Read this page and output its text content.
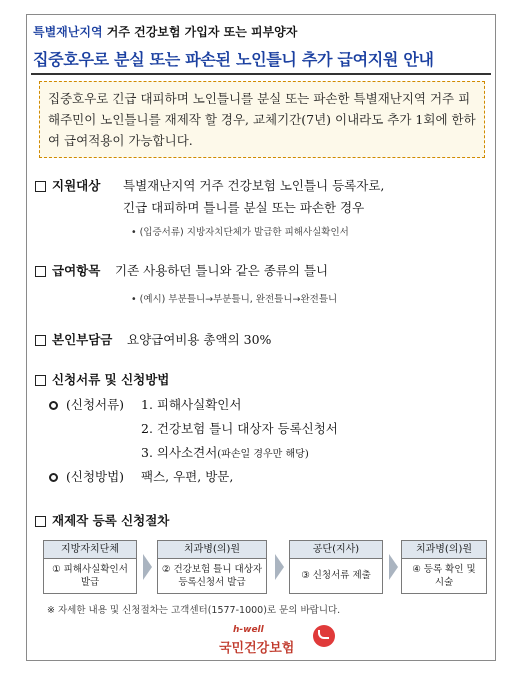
특별재난지역 거주 건강보험 가입자 또는 피부양자
집중호우로 분실 또는 파손된 노인틀니 추가 급여지원 안내
집중호우로 긴급 대피하며 노인틀니를 분실 또는 파손한 특별재난지역 거주 피해주민이 노인틀니를 재제작 할 경우, 교체기간(7년) 이내라도 추가 1회에 한하여 급여적용이 가능합니다.
지원대상 특별재난지역 거주 건강보험 노인틀니 등록자로,
긴급 대피하며 틀니를 분실 또는 파손한 경우
• (입증서류) 지방자치단체가 발급한 피해사실확인서
급여항목 기존 사용하던 틀니와 같은 종류의 틀니
• (예시) 부분틀니→부분틀니, 완전틀니→완전틀니
본인부담금 요양급여비용 총액의 30%
신청서류 및 신청방법
(신청서류) 1. 피해사실확인서
2. 건강보험 틀니 대상자 등록신청서
3. 의사소견서(파손일 경우만 해당)
(신청방법) 팩스, 우편, 방문,
재제작 등록 신청절차
지방자치단체
① 피해사실확인서
발급
치과병(의)원
② 건강보험 틀니 대상자
등록신청서 발급
공단(지사)
③ 신청서류 제출
치과병(의)원
④ 등록 확인 및
시술
※ 자세한 내용 및 신청절차는 고객센터(1577-1000)로 문의 바랍니다.
h-well
국민건강보험
